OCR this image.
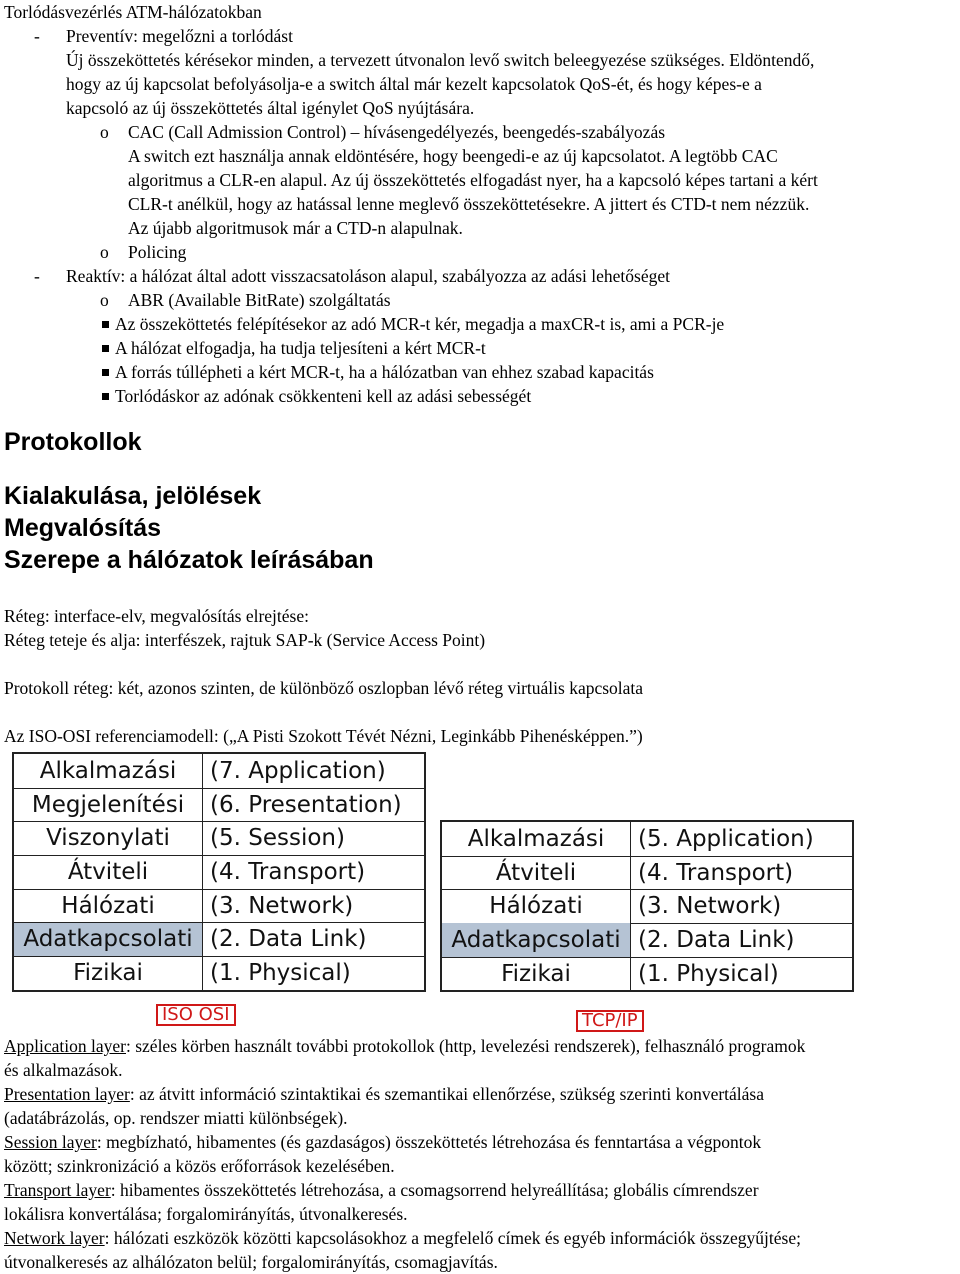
Torlódásvezérlés ATM-hálózatokban
- Preventív: megelőzni a torlódást
Új összeköttetés kérésekor minden, a tervezett útvonalon levő switch beleegyezése szükséges. Eldöntendő,
hogy az új kapcsolat befolyásolja-e a switch által már kezelt kapcsolatok QoS-ét, és hogy képes-e a
kapcsoló az új összeköttetés által igénylet QoS nyújtására.
o CAC (Call Admission Control) – hívásengedélyezés, beengedés-szabályozás
A switch ezt használja annak eldöntésére, hogy beengedi-e az új kapcsolatot. A legtöbb CAC
algoritmus a CLR-en alapul. Az új összeköttetés elfogadást nyer, ha a kapcsoló képes tartani a kért
CLR-t anélkül, hogy az hatással lenne meglevő összeköttetésekre. A jittert és CTD-t nem nézzük.
Az újabb algoritmusok már a CTD-n alapulnak.
o Policing
- Reaktív: a hálózat által adott visszacsatoláson alapul, szabályozza az adási lehetőséget
o ABR (Available BitRate) szolgáltatás
Az összeköttetés felépítésekor az adó MCR-t kér, megadja a maxCR-t is, ami a PCR-je
A hálózat elfogadja, ha tudja teljesíteni a kért MCR-t
A forrás túllépheti a kért MCR-t, ha a hálózatban van ehhez szabad kapacitás
Torlódáskor az adónak csökkenteni kell az adási sebességét
Protokollok
Kialakulása, jelölések
Megvalósítás
Szerepe a hálózatok leírásában
Réteg: interface-elv, megvalósítás elrejtése:
Réteg teteje és alja: interfészek, rajtuk SAP-k (Service Access Point)
Protokoll réteg: két, azonos szinten, de különböző oszlopban lévő réteg virtuális kapcsolata
Az ISO-OSI referenciamodell: („A Pisti Szokott Tévét Nézni, Leginkább Pihenésképpen.”)
Alkalmazási	(7. Application)
Megjelenítési	(6. Presentation)
Viszonylati	(5. Session)
Átviteli	(4. Transport)
Hálózati	(3. Network)
Adatkapcsolati (2. Data Link)
Fizikai	(1. Physical)
ISO OSI
Alkalmazási	(5. Application)
Átviteli	(4. Transport)
Hálózati	(3. Network)
Adatkapcsolati (2. Data Link)
Fizikai	(1. Physical)
TCP/IP
Application layer: széles körben használt további protokollok (http, levelezési rendszerek), felhasználó programok
és alkalmazások.
Presentation layer: az átvitt információ szintaktikai és szemantikai ellenőrzése, szükség szerinti konvertálása
(adatábrázolás, op. rendszer miatti különbségek).
Session layer: megbízható, hibamentes (és gazdaságos) összeköttetés létrehozása és fenntartása a végpontok
között; szinkronizáció a közös erőforrások kezelésében.
Transport layer: hibamentes összeköttetés létrehozása, a csomagsorrend helyreállítása; globális címrendszer
lokálisra konvertálása; forgalomirányítás, útvonalkeresés.
Network layer: hálózati eszközök közötti kapcsolásokhoz a megfelelő címek és egyéb információk összegyűjtése;
útvonalkeresés az alhálózaton belül; forgalomirányítás, csomagjavítás.
